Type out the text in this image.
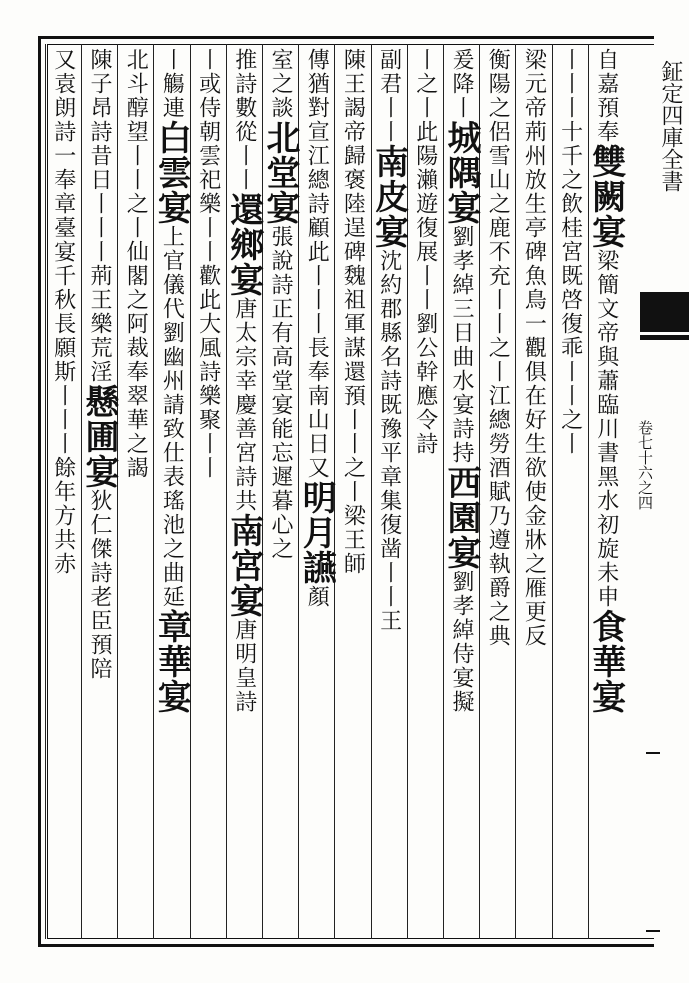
鉦定四庫全書
卷七十六之四
自嘉預奉雙闕宴梁簡文帝與蕭臨川書黑水初旋未申食華宴
丨丨丨十千之飲桂宮既啓復乖丨丨之丨
梁元帝荊州放生亭碑魚鳥一觀俱在好生欲使金牀之雁更反
衡陽之侶雪山之鹿不充丨丨之丨江總勞酒賦乃遵執爵之典
爰降丨城隅宴劉孝綽三日曲水宴詩持西園宴劉孝綽侍宴擬
丨之丨此陽瀨遊復展丨丨劉公幹應令詩
副君丨丨南皮宴沈約郡縣名詩既豫平章集復凿丨丨王
陳王謁帝歸褒陸逞碑魏祖軍謀還預丨丨之丨梁王師
傳猶對宣江總詩顧此丨丨丨長奉南山日又明月讌顏
室之談北堂宴張說詩正有高堂宴能忘遲暮心之
推詩數從丨丨還鄉宴唐太宗幸慶善宮詩共南宮宴唐明皇詩
丨或侍朝雲祀樂丨丨歡此大風詩樂聚丨丨
丨觴連白雲宴上官儀代劉幽州請致仕表瑤池之曲延章華宴
北斗醇望丨丨之丨仙閣之阿裁奉翠華之謁
陳子昂詩昔日丨丨丨荊王樂荒淫懸圃宴狄仁傑詩老臣預陪
又袁朗詩一奉章臺宴千秋長願斯丨丨丨餘年方共赤
